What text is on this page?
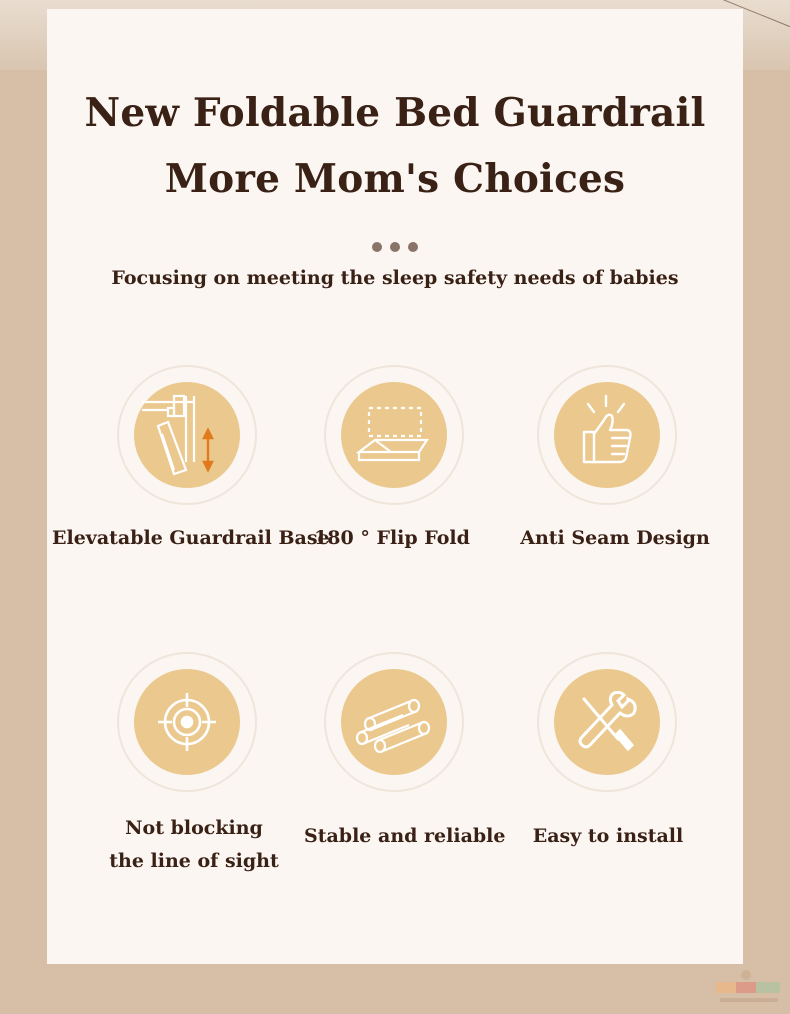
New Foldable Bed Guardrail
More Mom's Choices
Focusing on meeting the sleep safety needs of babies
Elevatable Guardrail Base
180 ° Flip Fold	Anti Seam Design
Not blocking
the line of sight
Stable and reliable	Easy to install
